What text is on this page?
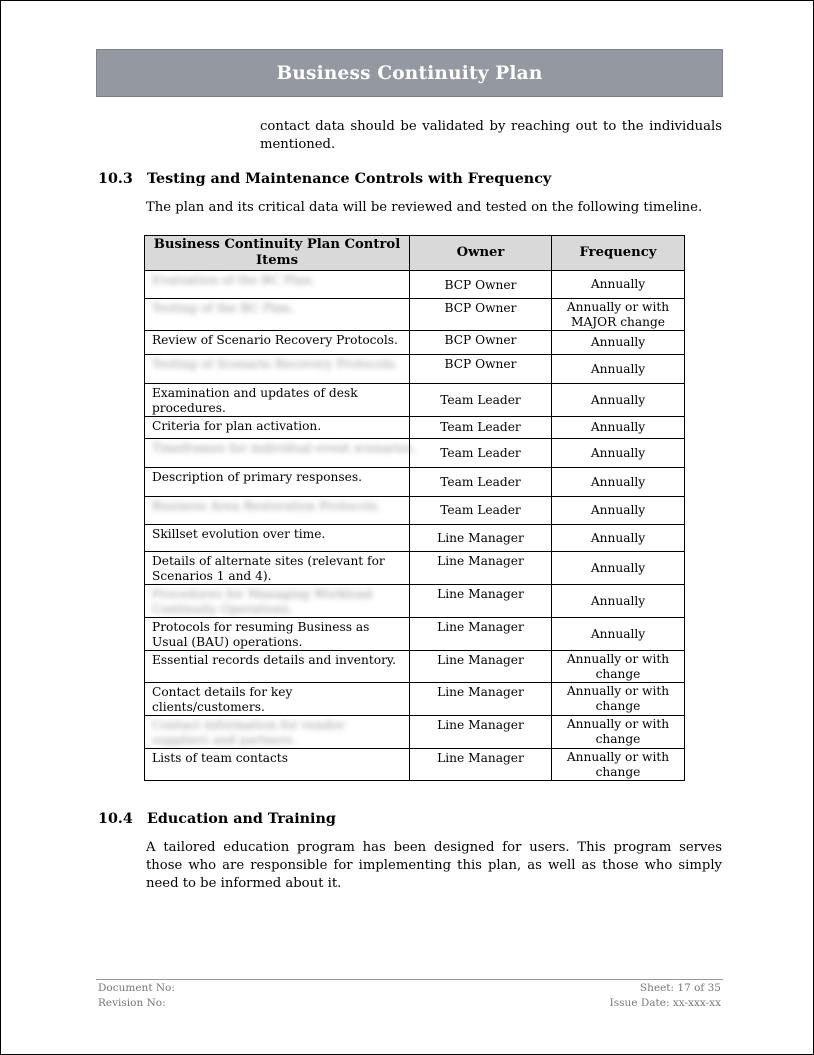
Business Continuity Plan
contact data should be validated by reaching out to the individuals mentioned.
10.3 Testing and Maintenance Controls with Frequency
The plan and its critical data will be reviewed and tested on the following timeline.
Business Continuity Plan Control Items	Owner	Frequency
Evaluation of the BC Plan.	BCP Owner	Annually
Testing of the BC Plan.	BCP Owner	Annually or with MAJOR change
Review of Scenario Recovery Protocols.	BCP Owner	Annually
Testing of Scenario Recovery Protocols.	BCP Owner	Annually
Examination and updates of desk procedures.	Team Leader	Annually
Criteria for plan activation.	Team Leader	Annually
Timeframes for individual event scenarios.	Team Leader	Annually
Description of primary responses.	Team Leader	Annually
Business Area Restoration Protocols.	Team Leader	Annually
Skillset evolution over time.	Line Manager	Annually
Details of alternate sites (relevant for Scenarios 1 and 4).	Line Manager	Annually
Procedures for Managing Workload Continuity Operations.	Line Manager	Annually
Protocols for resuming Business as Usual (BAU) operations.	Line Manager	Annually
Essential records details and inventory.	Line Manager	Annually or with change
Contact details for key clients/customers.	Line Manager	Annually or with change
Contact information for vendor suppliers and partners.	Line Manager	Annually or with change
Lists of team contacts	Line Manager	Annually or with change
10.4 Education and Training
A tailored education program has been designed for users. This program serves those who are responsible for implementing this plan, as well as those who simply need to be informed about it.
Document No:
Revision No:
Sheet: 17 of 35
Issue Date: xx-xxx-xx
